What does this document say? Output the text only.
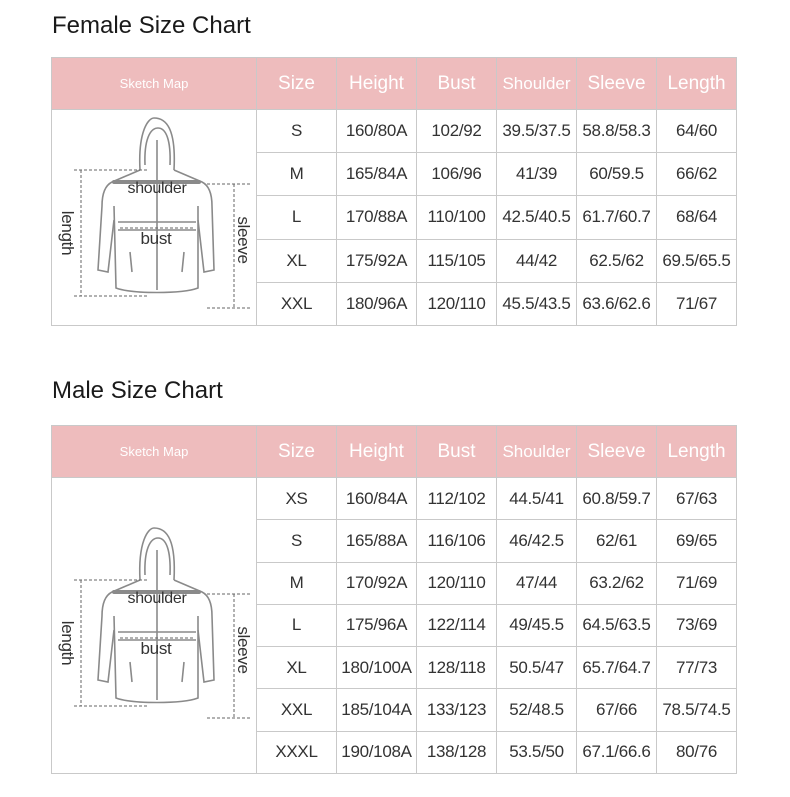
Female Size Chart
Sketch Map	Size	Height	Bust	Shoulder	Sleeve	Length

shoulder
bust
length sleeve	S	160/80A	102/92	39.5/37.5	58.8/58.3	64/60
	M	165/84A	106/96	41/39	60/59.5	66/62
	L	170/88A	110/100	42.5/40.5	61.7/60.7	68/64
	XL	175/92A	115/105	44/42	62.5/62	69.5/65.5
	XXL	180/96A	120/110	45.5/43.5	63.6/62.6	71/67
Male Size Chart
Sketch Map	Size	Height	Bust	Shoulder	Sleeve	Length

shoulder
bust
length sleeve	XS	160/84A	112/102	44.5/41	60.8/59.7	67/63
	S	165/88A	116/106	46/42.5	62/61	69/65
	M	170/92A	120/110	47/44	63.2/62	71/69
	L	175/96A	122/114	49/45.5	64.5/63.5	73/69
	XL	180/100A	128/118	50.5/47	65.7/64.7	77/73
	XXL	185/104A	133/123	52/48.5	67/66	78.5/74.5
	XXXL	190/108A	138/128	53.5/50	67.1/66.6	80/76
